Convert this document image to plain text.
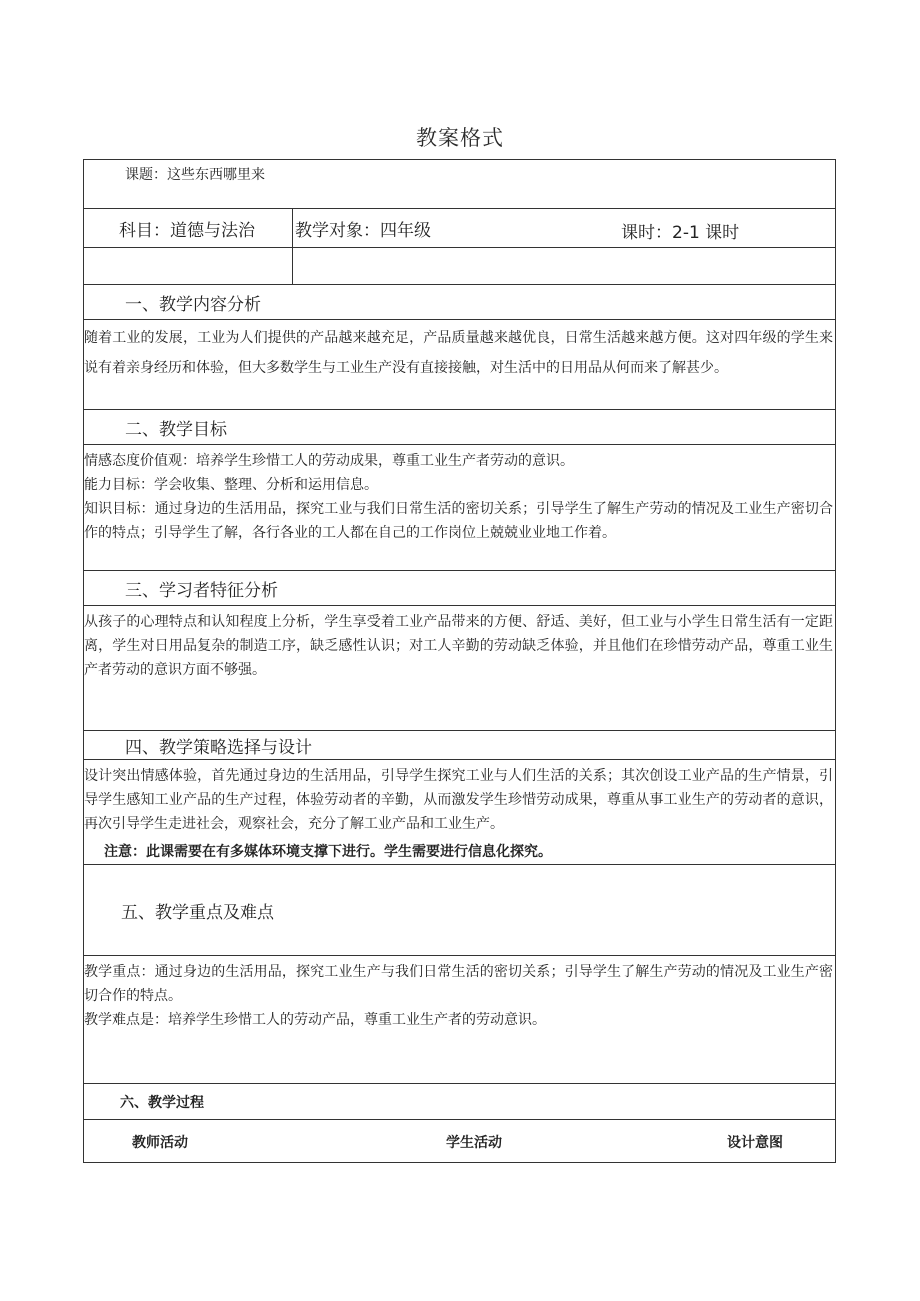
教案格式
课题：这些东西哪里来	
科目：道德与法治	教学对象：四年级 课时：2-1 课时

一、教学内容分析	

随着工业的发展，工业为人们提供的产品越来越充足，产品质量越来越优良，日常生活越来越方便。这对四年级的学生来说有着亲身经历和体验，但大多数学生与工业生产没有直接接触，对生活中的日用品从何而来了解甚少。	

二、教学目标	

情感态度价值观：培养学生珍惜工人的劳动成果，尊重工业生产者劳动的意识。

能力目标：学会收集、整理、分析和运用信息。

知识目标：通过身边的生活用品，探究工业与我们日常生活的密切关系；引导学生了解生产劳动的情况及工业生产密切合作的特点；引导学生了解，各行各业的工人都在自己的工作岗位上兢兢业业地工作着。	

三、学习者特征分析	

从孩子的心理特点和认知程度上分析，学生享受着工业产品带来的方便、舒适、美好，但工业与小学生日常生活有一定距离，学生对日用品复杂的制造工序，缺乏感性认识；对工人辛勤的劳动缺乏体验，并且他们在珍惜劳动产品，尊重工业生产者劳动的意识方面不够强。	

四、教学策略选择与设计	

设计突出情感体验，首先通过身边的生活用品，引导学生探究工业与人们生活的关系；其次创设工业产品的生产情景，引导学生感知工业产品的生产过程，体验劳动者的辛勤，从而激发学生珍惜劳动成果，尊重从事工业生产的劳动者的意识，再次引导学生走进社会，观察社会，充分了解工业产品和工业生产。

注意：此课需要在有多媒体环境支撑下进行。学生需要进行信息化探究。	

五、教学重点及难点	

教学重点：通过身边的生活用品，探究工业生产与我们日常生活的密切关系；引导学生了解生产劳动的情况及工业生产密切合作的特点。

教学难点是：培养学生珍惜工人的劳动产品，尊重工业生产者的劳动意识。	

六、教学过程	

教师活动 学生活动 设计意图	
